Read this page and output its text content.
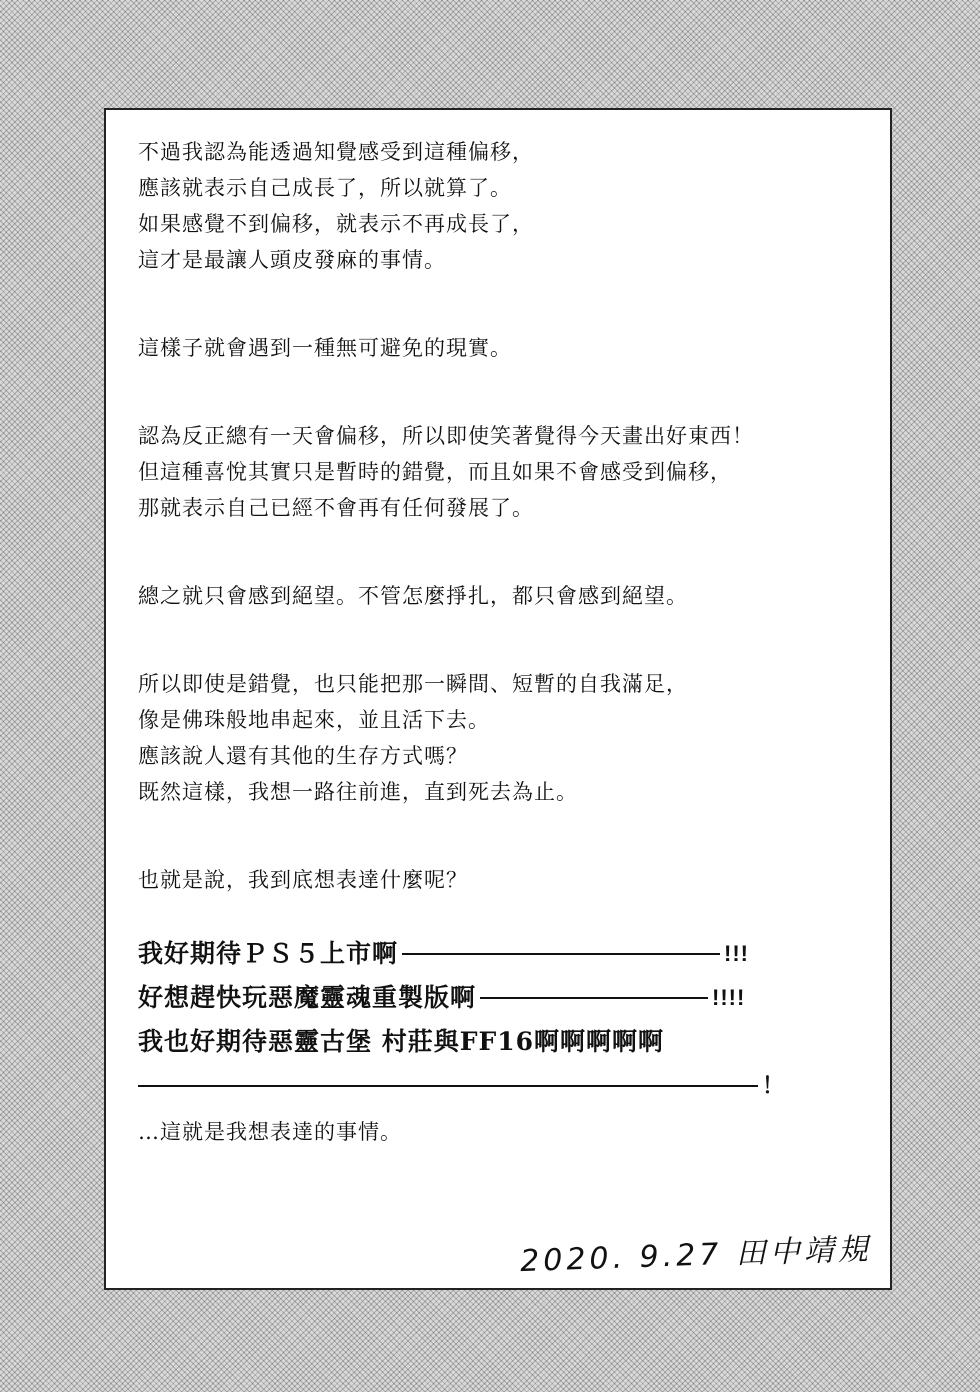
不過我認為能透過知覺感受到這種偏移，
應該就表示自己成長了，所以就算了。
如果感覺不到偏移，就表示不再成長了，
這才是最讓人頭皮發麻的事情。
這樣子就會遇到一種無可避免的現實。
認為反正總有一天會偏移，所以即使笑著覺得今天畫出好東西！
但這種喜悅其實只是暫時的錯覺，而且如果不會感受到偏移，
那就表示自己已經不會再有任何發展了。
總之就只會感到絕望。不管怎麼掙扎，都只會感到絕望。
所以即使是錯覺，也只能把那一瞬間、短暫的自我滿足，
像是佛珠般地串起來，並且活下去。
應該說人還有其他的生存方式嗎？
既然這樣，我想一路往前進，直到死去為止。
也就是說，我到底想表達什麼呢？
我好期待ＰＳ５上市啊	!!!
好想趕快玩惡魔靈魂重製版啊	!!!!
我也好期待惡靈古堡 村莊與FF16啊啊啊啊啊
！
…這就是我想表達的事情。
2020. 9.27 田中靖規
